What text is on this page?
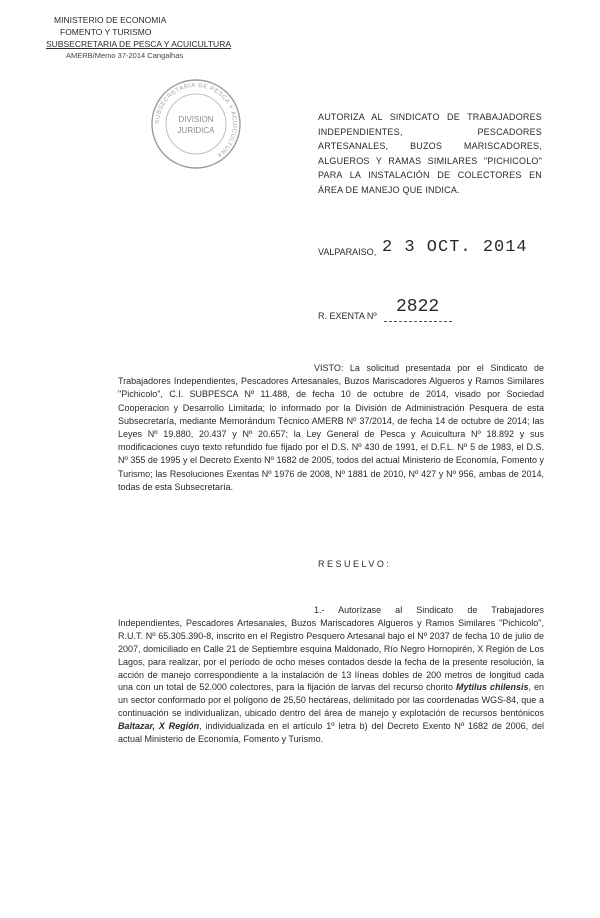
MINISTERIO DE ECONOMIA
FOMENTO Y TURISMO
SUBSECRETARIA DE PESCA Y ACUICULTURA
AMERB/Memo 37-2014 Cangalhas
SUBSECRETARIA DE PESCA Y ACUICULTURA
DIVISION
JURIDICA
AUTORIZA AL SINDICATO DE TRABAJADORES INDEPENDIENTES, PESCADORES ARTESANALES, BUZOS MARISCADORES, ALGUEROS Y RAMAS SIMILARES "PICHICOLO" PARA LA INSTALACIÓN DE COLECTORES EN ÁREA DE MANEJO QUE INDICA.
VALPARAISO, 2 3 OCT. 2014
R. EXENTA Nº 2822
VISTO: La solicitud presentada por el Sindicato de Trabajadores Independientes, Pescadores Artesanales, Buzos Mariscadores Algueros y Ramos Similares "Pichicolo", C.I. SUBPESCA Nº 11.488, de fecha 10 de octubre de 2014, visado por Sociedad Cooperacion y Desarrollo Limitada; lo informado por la División de Administración Pesquera de esta Subsecretaría, mediante Memorándum Técnico AMERB Nº 37/2014, de fecha 14 de octubre de 2014; las Leyes Nº 19.880, 20.437 y Nº 20.657; la Ley General de Pesca y Acuicultura Nº 18.892 y sus modificaciones cuyo texto refundido fue fijado por el D.S. Nº 430 de 1991, el D.F.L. Nº 5 de 1983, el D.S. Nº 355 de 1995 y el Decreto Exento Nº 1682 de 2005, todos del actual Ministerio de Economía, Fomento y Turismo; las Resoluciones Exentas Nº 1976 de 2008, Nº 1881 de 2010, Nº 427 y Nº 956, ambas de 2014, todas de esta Subsecretaría.
RESUELVO:
1.- Autorízase al Sindicato de Trabajadores Independientes, Pescadores Artesanales, Buzos Mariscadores Algueros y Ramos Similares "Pichicolo", R.U.T. Nº 65.305.390-8, inscrito en el Registro Pesquero Artesanal bajo el Nº 2037 de fecha 10 de julio de 2007, domiciliado en Calle 21 de Septiembre esquina Maldonado, Río Negro Hornopirén, X Región de Los Lagos, para realizar, por el período de ocho meses contados desde la fecha de la presente resolución, la acción de manejo correspondiente a la instalación de 13 líneas dobles de 200 metros de longitud cada una con un total de 52.000 colectores, para la fijación de larvas del recurso chorito Mytilus chilensis, en un sector conformado por el polígono de 25,50 hectáreas, delimitado por las coordenadas WGS-84, que a continuación se individualizan, ubicado dentro del área de manejo y explotación de recursos bentónicos Baltazar, X Región, individualizada en el artículo 1º letra b) del Decreto Exento Nº 1682 de 2006, del actual Ministerio de Economía, Fomento y Turismo.
